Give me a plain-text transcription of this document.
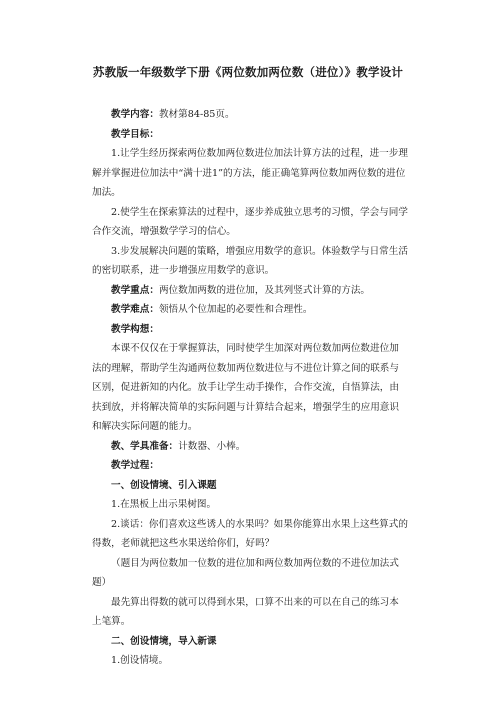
苏教版一年级数学下册《两位数加两位数（进位）》教学设计

教学内容：教材第84-85页。

教学目标：

1.让学生经历探索两位数加两位数进位加法计算方法的过程，进一步理解并掌握进位加法中“满十进1”的方法，能正确笔算两位数加两位数的进位加法。

2.使学生在探索算法的过程中，逐步养成独立思考的习惯，学会与同学合作交流，增强数学学习的信心。

3.步发展解决问题的策略，增强应用数学的意识。体验数学与日常生活的密切联系，进一步增强应用数学的意识。

教学重点：两位数加两数的进位加，及其列竖式计算的方法。

教学难点：领悟从个位加起的必要性和合理性。

教学构想：

本课不仅仅在于掌握算法，同时使学生加深对两位数加两位数进位加法的理解，帮助学生沟通两位数加两位数进位与不进位计算之间的联系与区别，促进新知的内化。放手让学生动手操作，合作交流，自悟算法，由扶到放，并将解决简单的实际问题与计算结合起来，增强学生的应用意识和解决实际问题的能力。

教、学具准备：计数器、小棒。

教学过程：

一、创设情境、引入课题

1.在黑板上出示果树图。

2.谈话：你们喜欢这些诱人的水果吗？如果你能算出水果上这些算式的得数，老师就把这些水果送给你们，好吗？

（题目为两位数加一位数的进位加和两位数加两位数的不进位加法式题）

最先算出得数的就可以得到水果，口算不出来的可以在自己的练习本上笔算。

二、创设情境，导入新课

1.创设情境。
